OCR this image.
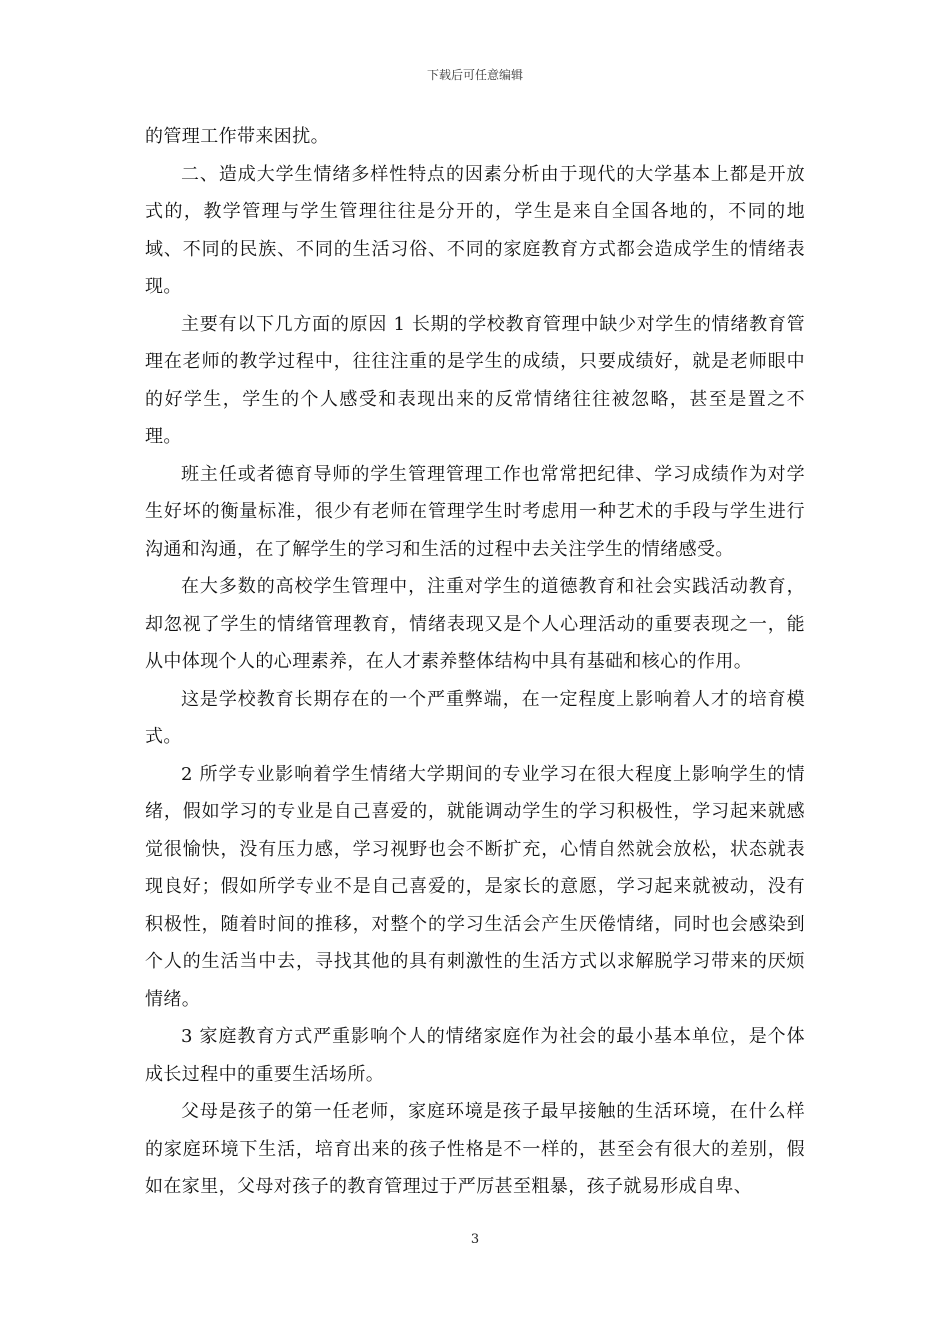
下载后可任意编辑

的管理工作带来困扰。

二、造成大学生情绪多样性特点的因素分析由于现代的大学基本上都是开放式的，教学管理与学生管理往往是分开的，学生是来自全国各地的，不同的地域、不同的民族、不同的生活习俗、不同的家庭教育方式都会造成学生的情绪表现。

主要有以下几方面的原因 1 长期的学校教育管理中缺少对学生的情绪教育管理在老师的教学过程中，往往注重的是学生的成绩，只要成绩好，就是老师眼中的好学生，学生的个人感受和表现出来的反常情绪往往被忽略，甚至是置之不理。

班主任或者德育导师的学生管理管理工作也常常把纪律、学习成绩作为对学生好坏的衡量标准，很少有老师在管理学生时考虑用一种艺术的手段与学生进行沟通和沟通，在了解学生的学习和生活的过程中去关注学生的情绪感受。

在大多数的高校学生管理中，注重对学生的道德教育和社会实践活动教育，却忽视了学生的情绪管理教育，情绪表现又是个人心理活动的重要表现之一，能从中体现个人的心理素养，在人才素养整体结构中具有基础和核心的作用。

这是学校教育长期存在的一个严重弊端，在一定程度上影响着人才的培育模式。

2 所学专业影响着学生情绪大学期间的专业学习在很大程度上影响学生的情绪，假如学习的专业是自己喜爱的，就能调动学生的学习积极性，学习起来就感觉很愉快，没有压力感，学习视野也会不断扩充，心情自然就会放松，状态就表现良好；假如所学专业不是自己喜爱的，是家长的意愿，学习起来就被动，没有积极性，随着时间的推移，对整个的学习生活会产生厌倦情绪，同时也会感染到个人的生活当中去，寻找其他的具有刺激性的生活方式以求解脱学习带来的厌烦情绪。

3 家庭教育方式严重影响个人的情绪家庭作为社会的最小基本单位，是个体成长过程中的重要生活场所。

父母是孩子的第一任老师，家庭环境是孩子最早接触的生活环境，在什么样的家庭环境下生活，培育出来的孩子性格是不一样的，甚至会有很大的差别，假如在家里，父母对孩子的教育管理过于严厉甚至粗暴，孩子就易形成自卑、

3
